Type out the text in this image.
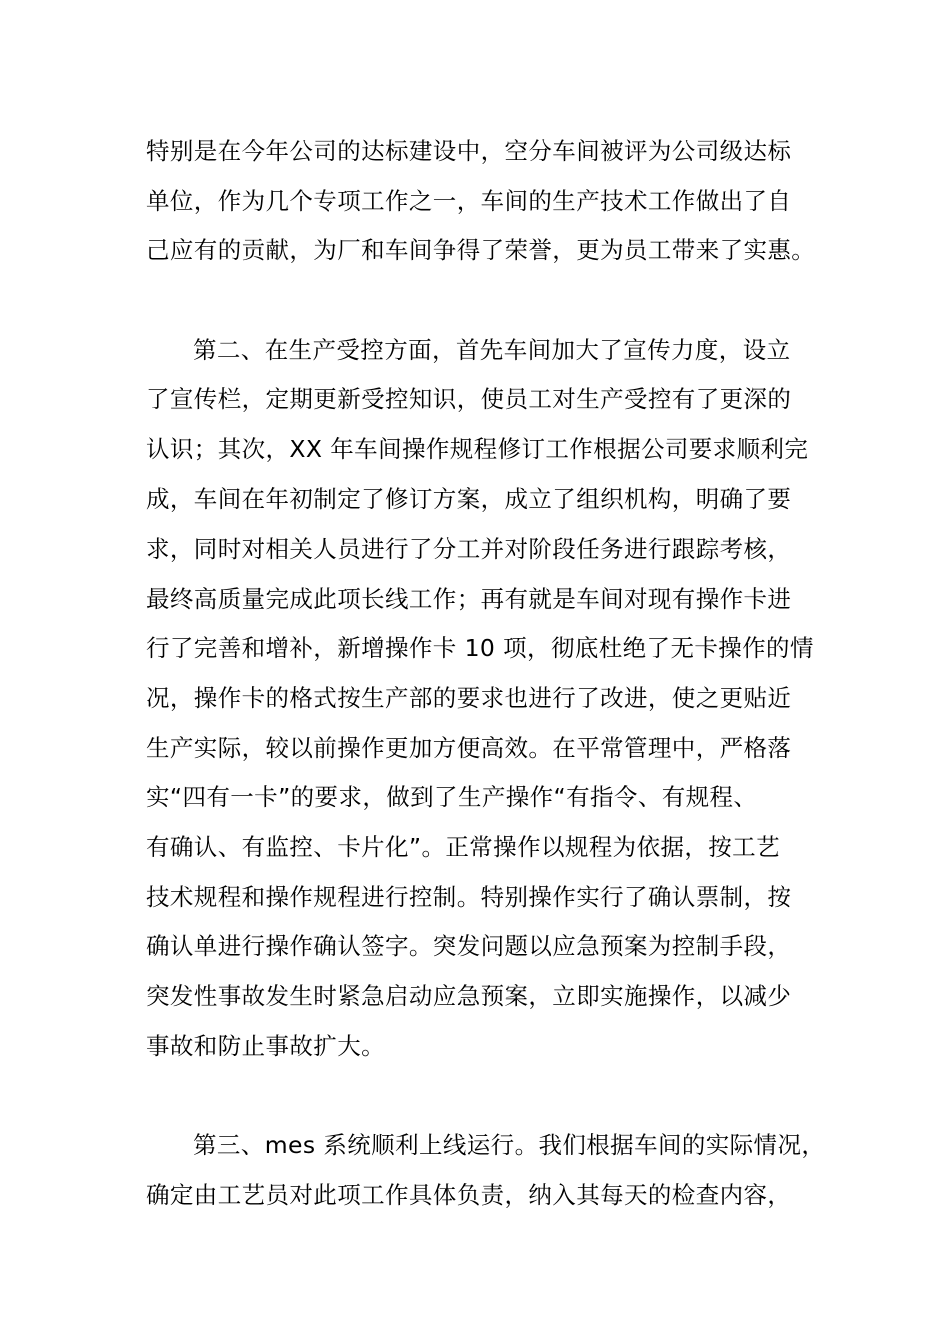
特别是在今年公司的达标建设中，空分车间被评为公司级达标
单位，作为几个专项工作之一，车间的生产技术工作做出了自
己应有的贡献，为厂和车间争得了荣誉，更为员工带来了实惠。
第二、在生产受控方面，首先车间加大了宣传力度，设立
了宣传栏，定期更新受控知识，使员工对生产受控有了更深的
认识；其次，XX 年车间操作规程修订工作根据公司要求顺利完
成，车间在年初制定了修订方案，成立了组织机构，明确了要
求，同时对相关人员进行了分工并对阶段任务进行跟踪考核，
最终高质量完成此项长线工作；再有就是车间对现有操作卡进
行了完善和增补，新增操作卡 10 项，彻底杜绝了无卡操作的情
况，操作卡的格式按生产部的要求也进行了改进，使之更贴近
生产实际，较以前操作更加方便高效。在平常管理中，严格落
实“四有一卡”的要求，做到了生产操作“有指令、有规程、
有确认、有监控、卡片化”。正常操作以规程为依据，按工艺
技术规程和操作规程进行控制。特别操作实行了确认票制，按
确认单进行操作确认签字。突发问题以应急预案为控制手段，
突发性事故发生时紧急启动应急预案，立即实施操作，以减少
事故和防止事故扩大。
第三、mes 系统顺利上线运行。我们根据车间的实际情况，
确定由工艺员对此项工作具体负责，纳入其每天的检查内容，
